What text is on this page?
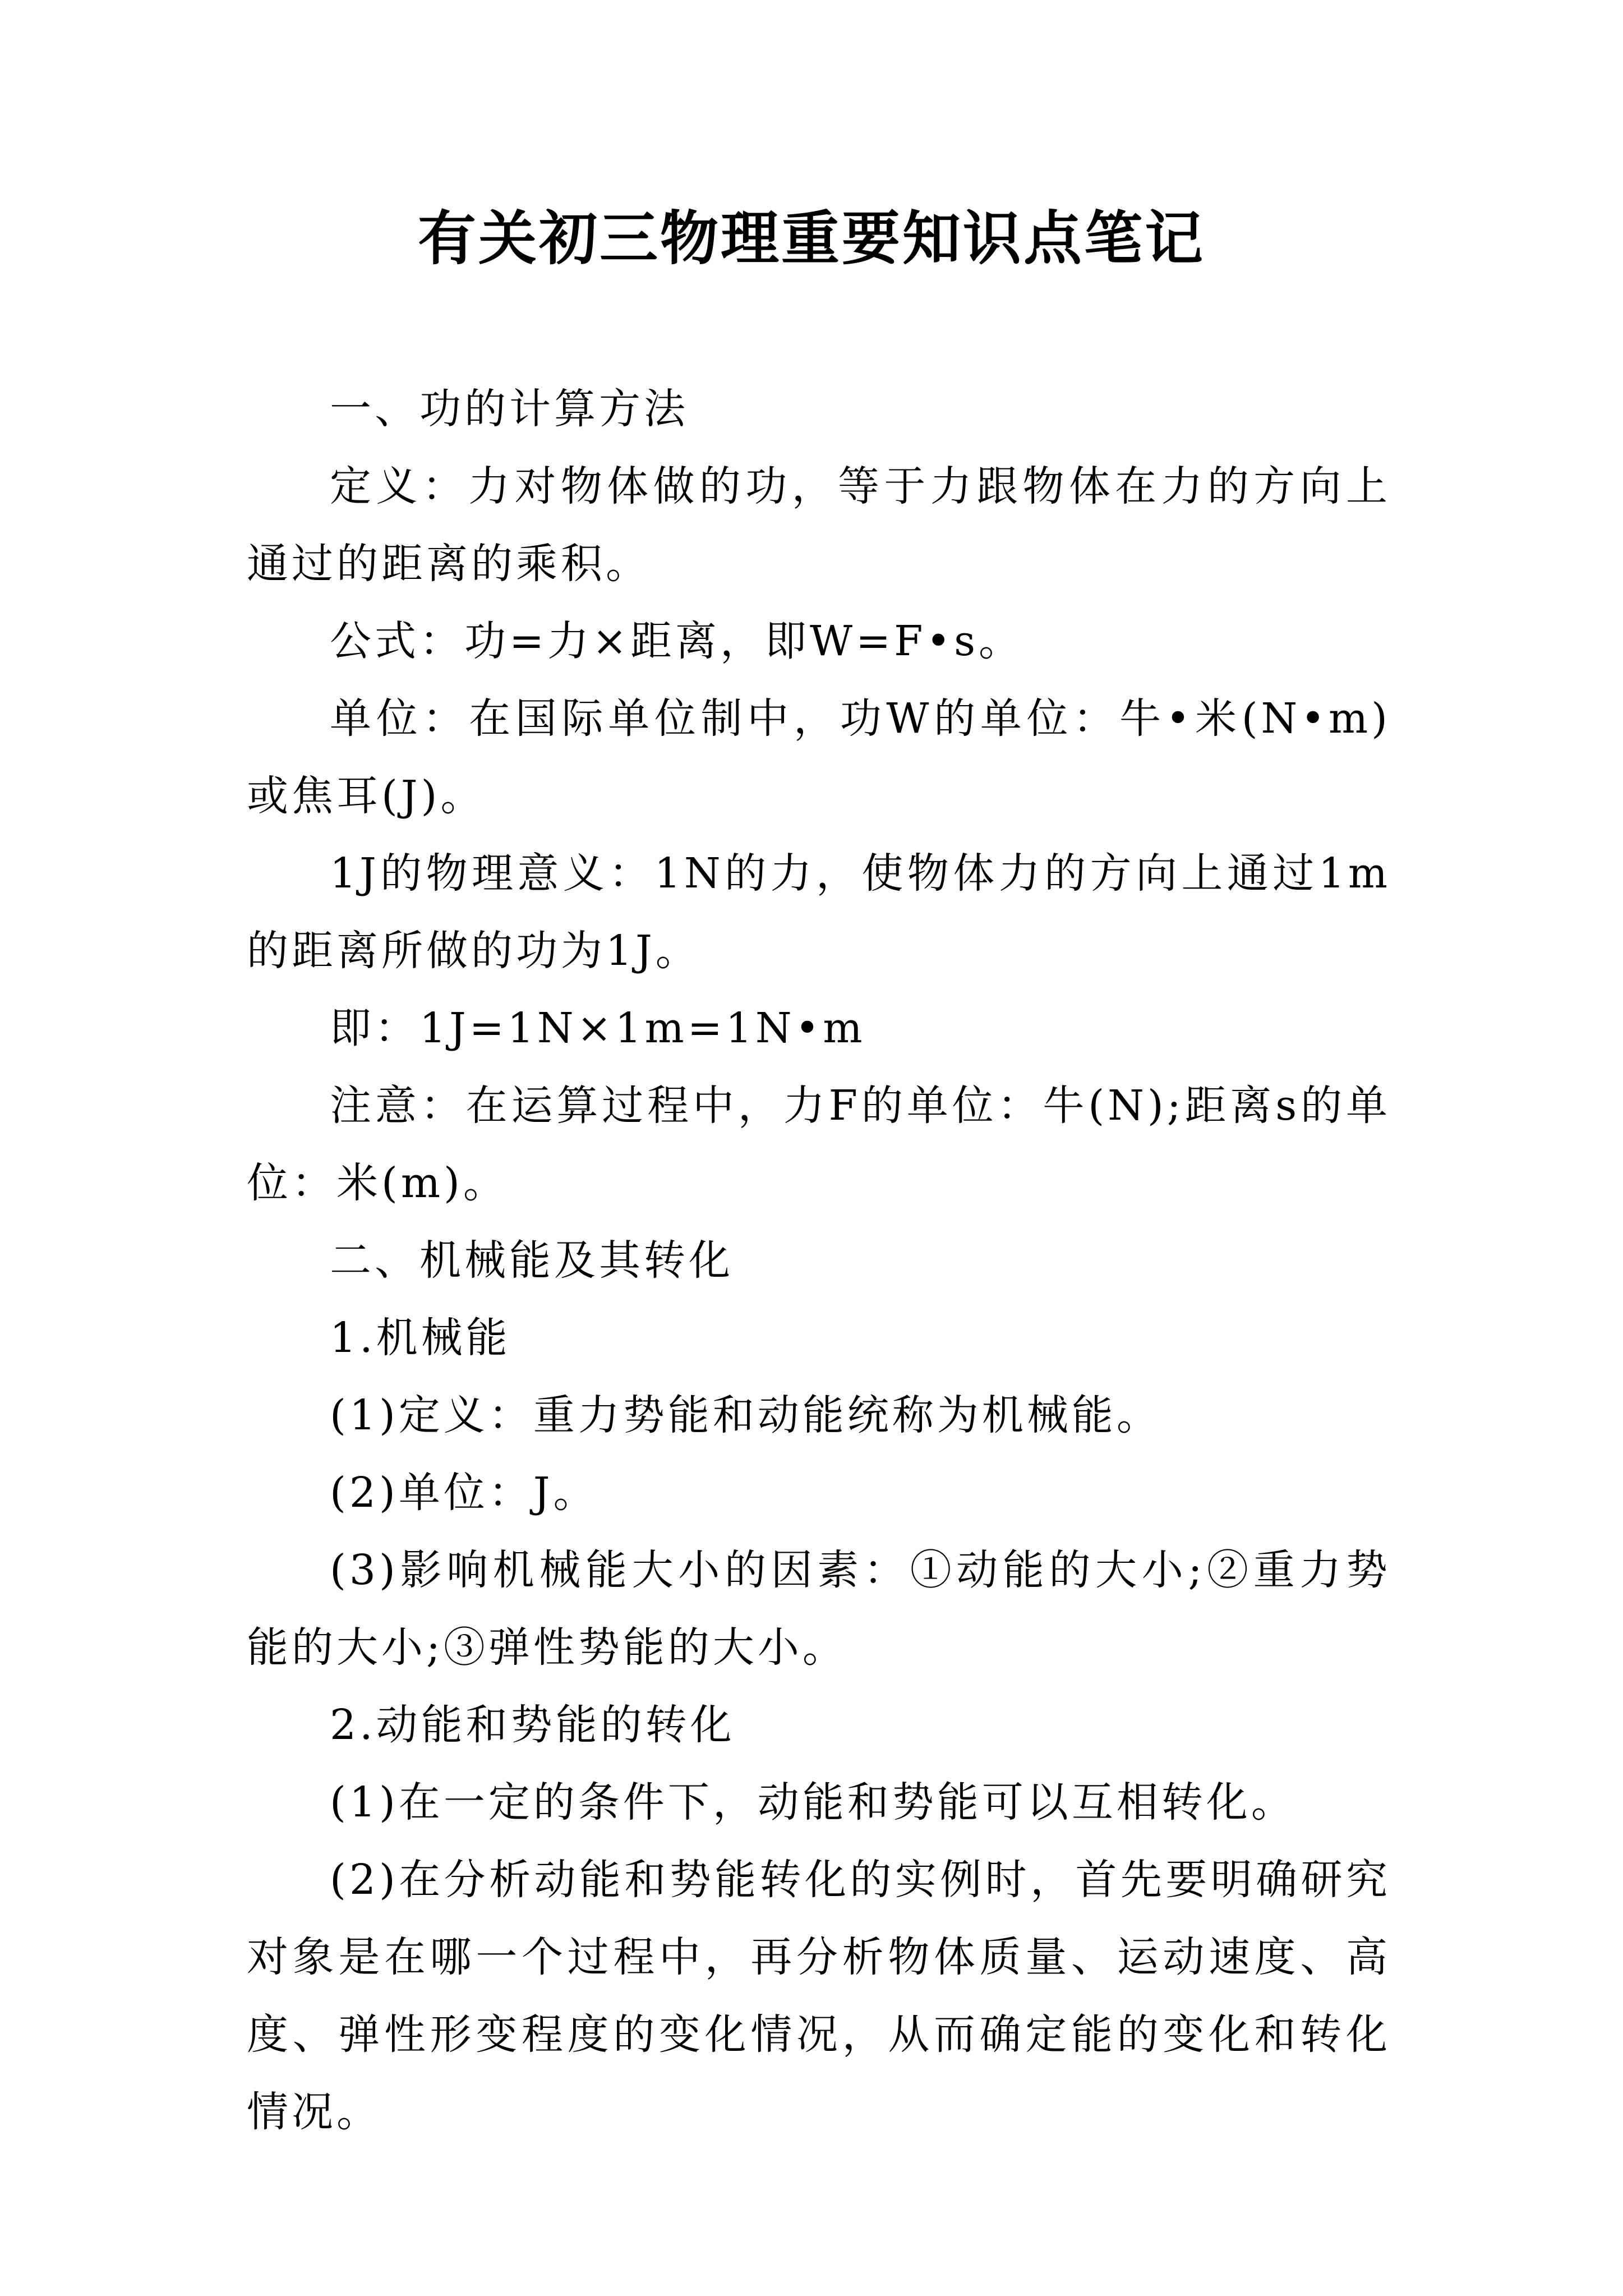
有关初三物理重要知识点笔记

一、功的计算方法

定义：力对物体做的功，等于力跟物体在力的方向上通过的距离的乘积。

公式：功=力×距离，即W=F•s。

单位：在国际单位制中，功W的单位：牛•米(N•m)或焦耳(J)。

1J的物理意义：1N的力，使物体力的方向上通过1m的距离所做的功为1J。

即：1J=1N×1m=1N•m

注意：在运算过程中，力F的单位：牛(N);距离s的单位：米(m)。

二、机械能及其转化

1.机械能

(1)定义：重力势能和动能统称为机械能。

(2)单位：J。

(3)影响机械能大小的因素：①动能的大小;②重力势能的大小;③弹性势能的大小。

2.动能和势能的转化

(1)在一定的条件下，动能和势能可以互相转化。

(2)在分析动能和势能转化的实例时，首先要明确研究对象是在哪一个过程中，再分析物体质量、运动速度、高度、弹性形变程度的变化情况，从而确定能的变化和转化情况。
